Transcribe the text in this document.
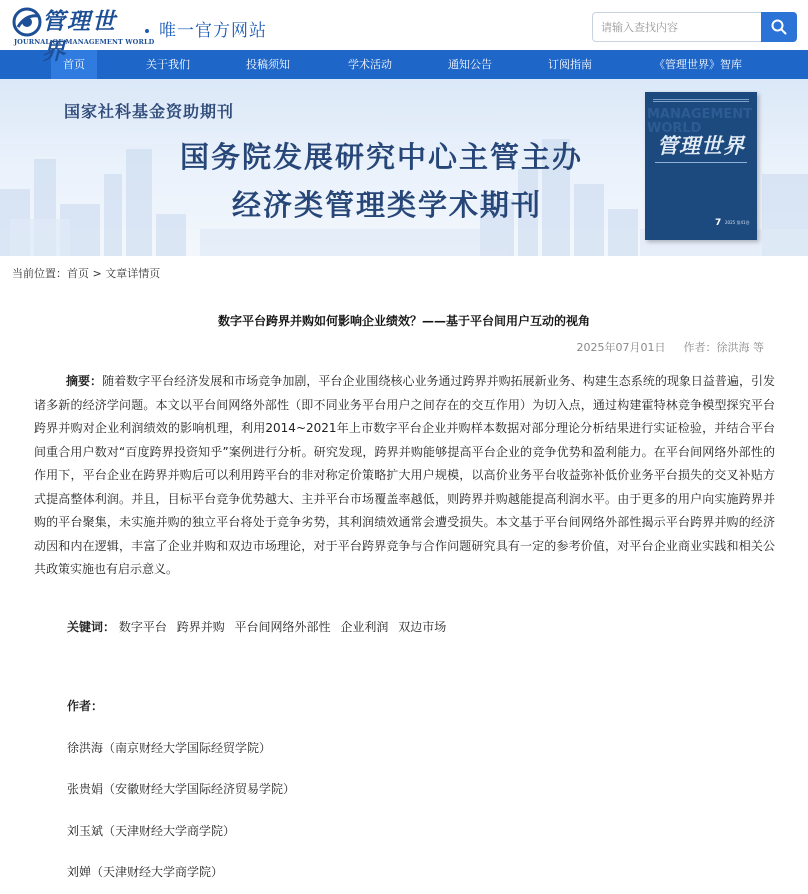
管理世界
JOURNAL OF MANAGEMENT WORLD
唯一官方网站
请输入查找内容
首页	关于我们	投稿须知	学术活动	通知公告	订阅指南	《管理世界》智库
国家社科基金资助期刊
国务院发展研究中心主管主办
经济类管理类学术期刊
MANAGEMENT WORLD
管理世界
7 2025 第41卷
当前位置：首页 > 文章详情页
数字平台跨界并购如何影响企业绩效？——基于平台间用户互动的视角
2025年07月01日 作者：徐洪海 等
摘要：随着数字平台经济发展和市场竞争加剧，平台企业围绕核心业务通过跨界并购拓展新业务、构建生态系统的现象日益普遍，引发诸多新的经济学问题。本文以平台间网络外部性（即不同业务平台用户之间存在的交互作用）为切入点，通过构建霍特林竞争模型探究平台跨界并购对企业利润绩效的影响机理，利用2014~2021年上市数字平台企业并购样本数据对部分理论分析结果进行实证检验，并结合平台间重合用户数对“百度跨界投资知乎”案例进行分析。研究发现，跨界并购能够提高平台企业的竞争优势和盈利能力。在平台间网络外部性的作用下，平台企业在跨界并购后可以利用跨平台的非对称定价策略扩大用户规模，以高价业务平台收益弥补低价业务平台损失的交叉补贴方式提高整体利润。并且，目标平台竞争优势越大、主并平台市场覆盖率越低，则跨界并购越能提高利润水平。由于更多的用户向实施跨界并购的平台聚集，未实施并购的独立平台将处于竞争劣势，其利润绩效通常会遭受损失。本文基于平台间网络外部性揭示平台跨界并购的经济动因和内在逻辑，丰富了企业并购和双边市场理论，对于平台跨界竞争与合作问题研究具有一定的参考价值，对平台企业商业实践和相关公共政策实施也有启示意义。
关键词： 数字平台 跨界并购 平台间网络外部性 企业利润 双边市场
作者：
徐洪海（南京财经大学国际经贸学院）
张贵娟（安徽财经大学国际经济贸易学院）
刘玉斌（天津财经大学商学院）
刘婵（天津财经大学商学院）
